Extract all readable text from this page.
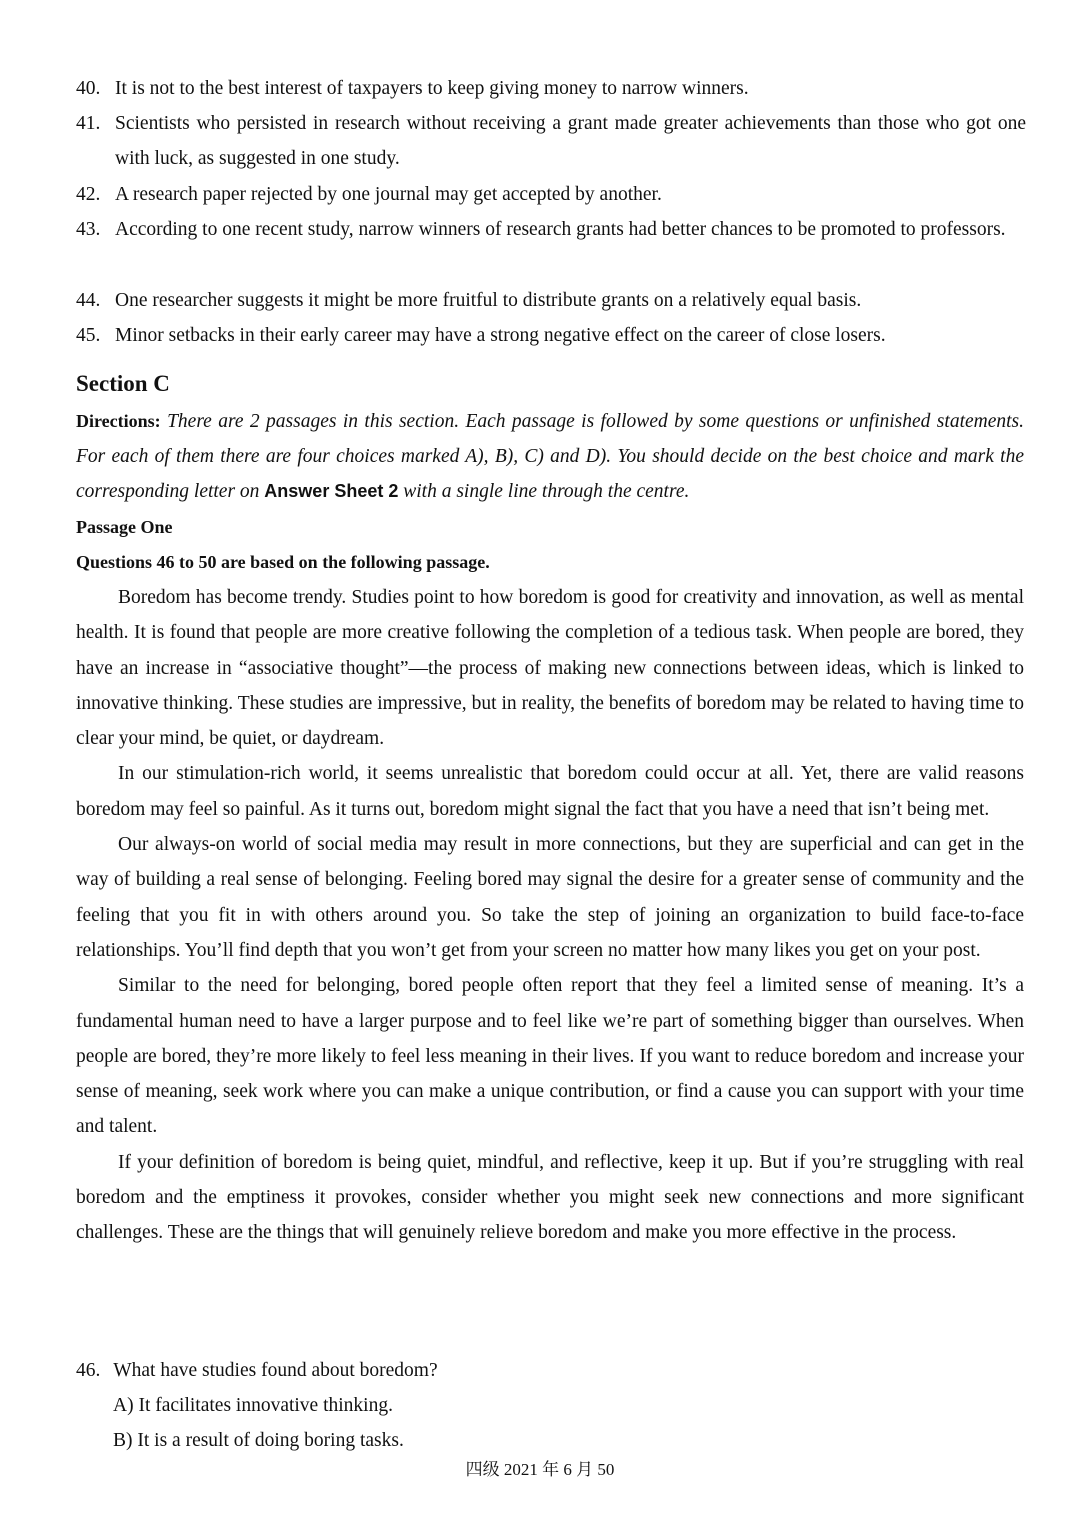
40. It is not to the best interest of taxpayers to keep giving money to narrow winners.
41. Scientists who persisted in research without receiving a grant made greater achievements than those who got one with luck, as suggested in one study.
42. A research paper rejected by one journal may get accepted by another.
43. According to one recent study, narrow winners of research grants had better chances to be promoted to professors.
44. One researcher suggests it might be more fruitful to distribute grants on a relatively equal basis.
45. Minor setbacks in their early career may have a strong negative effect on the career of close losers.
Section C
Directions: There are 2 passages in this section. Each passage is followed by some questions or unfinished statements. For each of them there are four choices marked A), B), C) and D). You should decide on the best choice and mark the corresponding letter on Answer Sheet 2 with a single line through the centre.
Passage One
Questions 46 to 50 are based on the following passage.

Boredom has become trendy. Studies point to how boredom is good for creativity and innovation, as well as mental health. It is found that people are more creative following the completion of a tedious task. When people are bored, they have an increase in “associative thought”—the process of making new connections between ideas, which is linked to innovative thinking. These studies are impressive, but in reality, the benefits of boredom may be related to having time to clear your mind, be quiet, or daydream.

In our stimulation-rich world, it seems unrealistic that boredom could occur at all. Yet, there are valid reasons boredom may feel so painful. As it turns out, boredom might signal the fact that you have a need that isn’t being met.

Our always-on world of social media may result in more connections, but they are superficial and can get in the way of building a real sense of belonging. Feeling bored may signal the desire for a greater sense of community and the feeling that you fit in with others around you. So take the step of joining an organization to build face-to-face relationships. You’ll find depth that you won’t get from your screen no matter how many likes you get on your post.

Similar to the need for belonging, bored people often report that they feel a limited sense of meaning. It’s a fundamental human need to have a larger purpose and to feel like we’re part of something bigger than ourselves. When people are bored, they’re more likely to feel less meaning in their lives. If you want to reduce boredom and increase your sense of meaning, seek work where you can make a unique contribution, or find a cause you can support with your time and talent.

If your definition of boredom is being quiet, mindful, and reflective, keep it up. But if you’re struggling with real boredom and the emptiness it provokes, consider whether you might seek new connections and more significant challenges. These are the things that will genuinely relieve boredom and make you more effective in the process.

46. What have studies found about boredom?
A) It facilitates innovative thinking.
B) It is a result of doing boring tasks.
四级 2021 年 6 月 50
